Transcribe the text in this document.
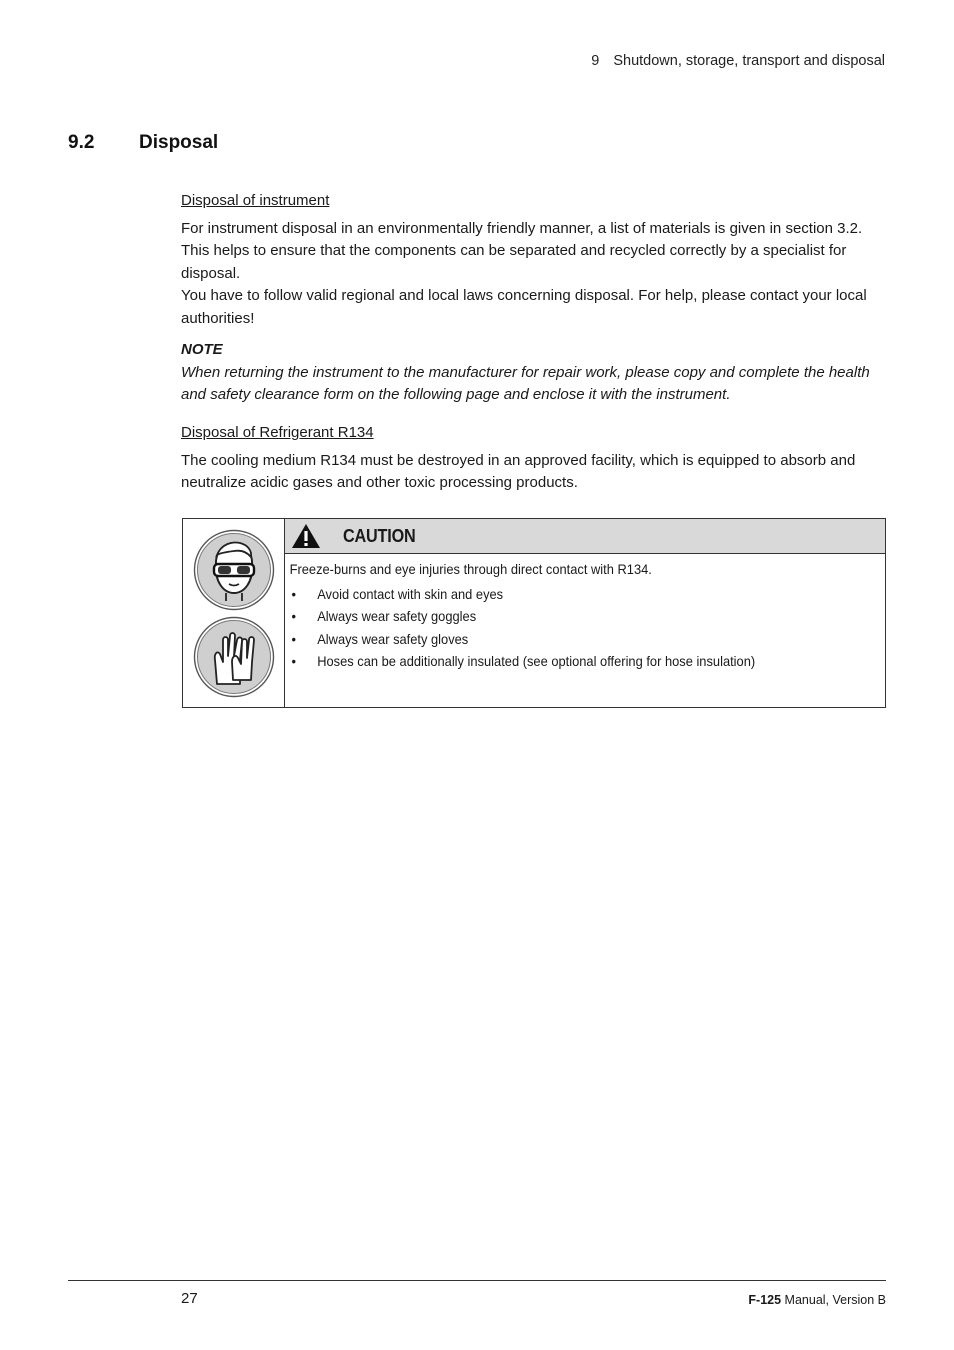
9 Shutdown, storage, transport and disposal
9.2 Disposal

Disposal of instrument

For instrument disposal in an environmentally friendly manner, a list of materials is given in section 3.2. This helps to ensure that the components can be separated and recycled correctly by a specialist for disposal.

You have to follow valid regional and local laws concerning disposal. For help, please contact your local authorities!

NOTE

When returning the instrument to the manufacturer for repair work, please copy and complete the health and safety clearance form on the following page and enclose it with the instrument.

Disposal of Refrigerant R134

The cooling medium R134 must be destroyed in an approved facility, which is equipped to absorb and neutralize acidic gases and other toxic processing products.

CAUTION
Freeze-burns and eye injuries through direct contact with R134.
• Avoid contact with skin and eyes
• Always wear safety goggles
• Always wear safety gloves
• Hoses can be additionally insulated (see optional offering for hose insulation)
27	F-125 Manual, Version B
